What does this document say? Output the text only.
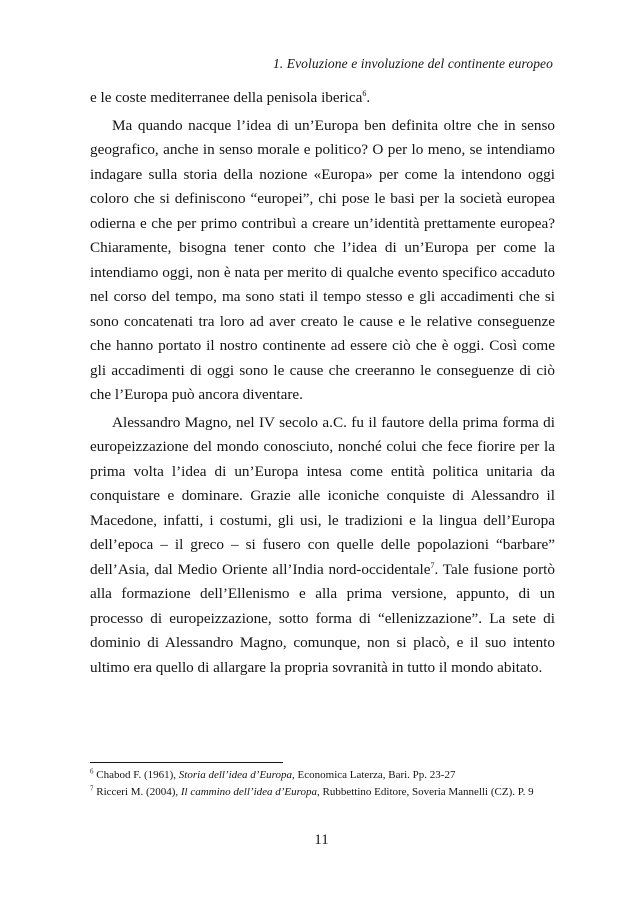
1. Evoluzione e involuzione del continente europeo

e le coste mediterranee della penisola iberica$^6$.

Ma quando nacque l’idea di un’Europa ben definita oltre che in senso geografico, anche in senso morale e politico? O per lo meno, se intendiamo indagare sulla storia della nozione «Europa» per come la intendono oggi coloro che si definiscono “europei”, chi pose le basi per la società europea odierna e che per primo contribuì a creare un’identità prettamente europea? Chiaramente, bisogna tener conto che l’idea di un’Europa per come la intendiamo oggi, non è nata per merito di qualche evento specifico accaduto nel corso del tempo, ma sono stati il tempo stesso e gli accadimenti che si sono concatenati tra loro ad aver creato le cause e le relative conseguenze che hanno portato il nostro continente ad essere ciò che è oggi. Così come gli accadimenti di oggi sono le cause che creeranno le conseguenze di ciò che l’Europa può ancora diventare.

Alessandro Magno, nel IV secolo a.C. fu il fautore della prima forma di europeizzazione del mondo conosciuto, nonché colui che fece fiorire per la prima volta l’idea di un’Europa intesa come entità politica unitaria da conquistare e dominare. Grazie alle iconiche conquiste di Alessandro il Macedone, infatti, i costumi, gli usi, le tradizioni e la lingua dell’Europa dell’epoca – il greco – si fusero con quelle delle popolazioni “barbare” dell’Asia, dal Medio Oriente all’India nord-occidentale$^7$. Tale fusione portò alla formazione dell’Ellenismo e alla prima versione, appunto, di un processo di europeizzazione, sotto forma di “ellenizzazione”. La sete di dominio di Alessandro Magno, comunque, non si placò, e il suo intento ultimo era quello di allargare la propria sovranità in tutto il mondo abitato.

$^6$ Chabod F. (1961), Storia dell’idea d’Europa, Economica Laterza, Bari. Pp. 23-27

$^7$ Ricceri M. (2004), Il cammino dell’idea d’Europa, Rubbettino Editore, Soveria Mannelli (CZ). P. 9

11
